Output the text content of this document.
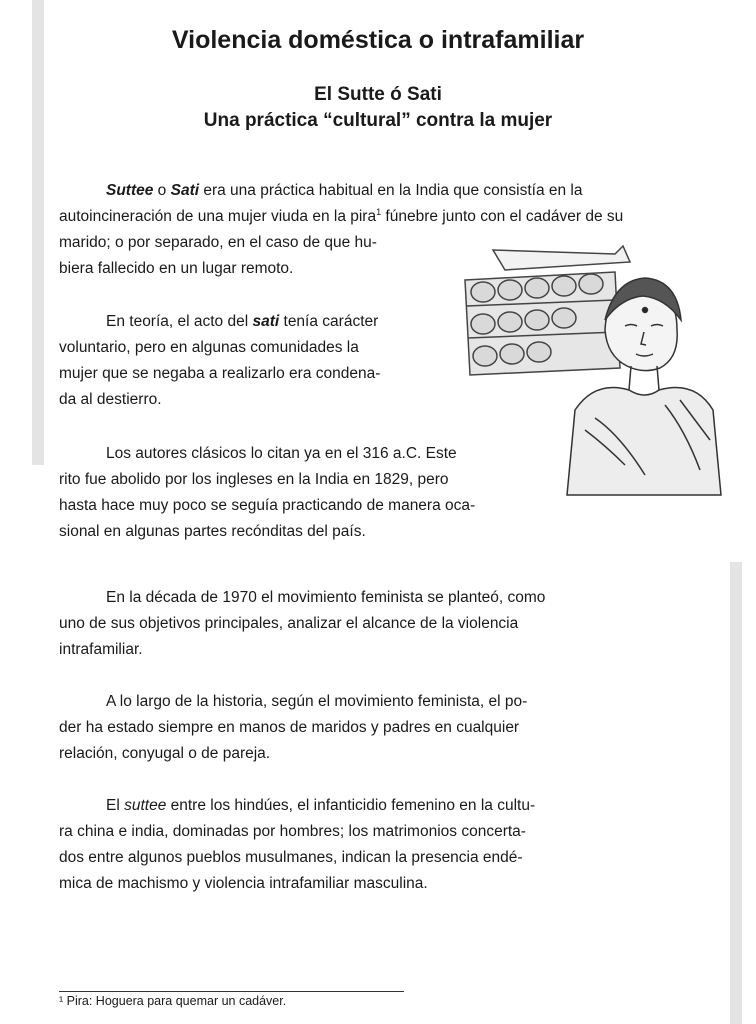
Violencia doméstica o intrafamiliar
El Sutte ó Sati
Una práctica “cultural” contra la mujer
Suttee o Sati era una práctica habitual en la India que consistía en la
autoincineración de una mujer viuda en la pira$^1$ fúnebre junto con el cadáver de su
marido; o por separado, en el caso de que hu-
biera fallecido en un lugar remoto.
En teoría, el acto del sati tenía carácter
voluntario, pero en algunas comunidades la
mujer que se negaba a realizarlo era condena-
da al destierro.
Los autores clásicos lo citan ya en el 316 a.C. Este
rito fue abolido por los ingleses en la India en 1829, pero
hasta hace muy poco se seguía practicando de manera oca-
sional en algunas partes recónditas del país.
En la década de 1970 el movimiento feminista se planteó, como
uno de sus objetivos principales, analizar el alcance de la violencia
intrafamiliar.
A lo largo de la historia, según el movimiento feminista, el po-
der ha estado siempre en manos de maridos y padres en cualquier
relación, conyugal o de pareja.
El suttee entre los hindúes, el infanticidio femenino en la cultu-
ra china e india, dominadas por hombres; los matrimonios concerta-
dos entre algunos pueblos musulmanes, indican la presencia endé-
mica de machismo y violencia intrafamiliar masculina.
¹ Pira: Hoguera para quemar un cadáver.
